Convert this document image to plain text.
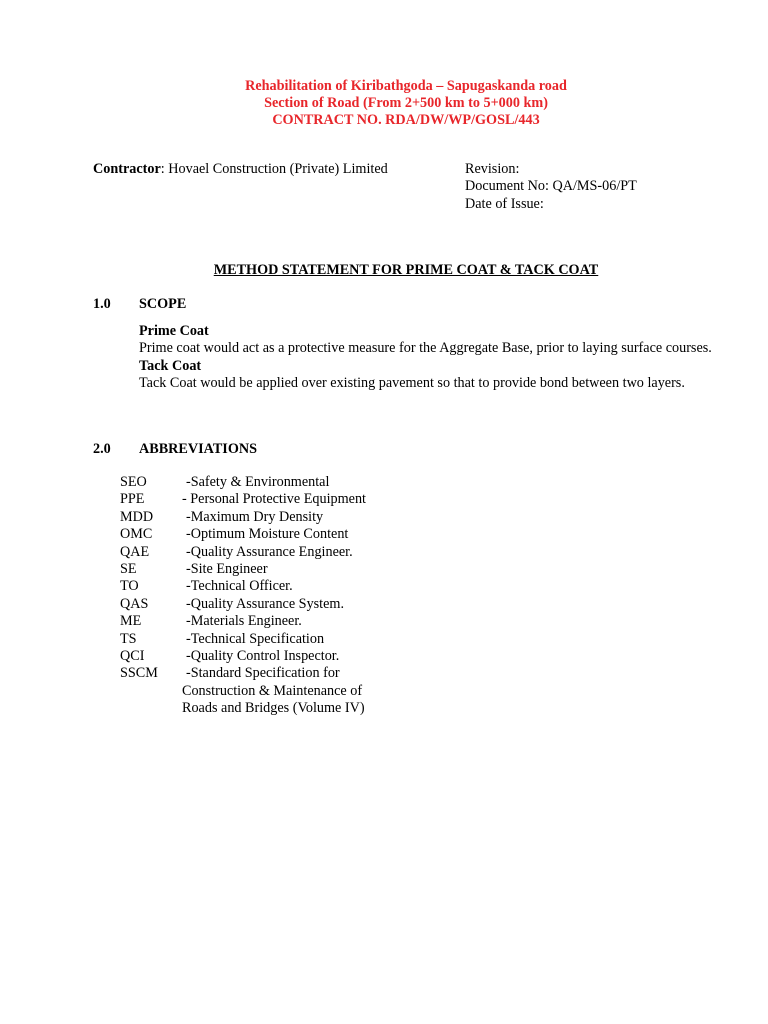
Rehabilitation of Kiribathgoda – Sapugaskanda road
Section of Road (From 2+500 km to 5+000 km)
CONTRACT NO. RDA/DW/WP/GOSL/443
Contractor: Hovael Construction (Private) Limited	Revision:
Document No: QA/MS-06/PT
Date of Issue:
METHOD STATEMENT FOR PRIME COAT & TACK COAT
1.0 SCOPE
Prime Coat
Prime coat would act as a protective measure for the Aggregate Base, prior to laying surface courses.
Tack Coat
Tack Coat would be applied over existing pavement so that to provide bond between two layers.
2.0 ABBREVIATIONS
SEO	-Safety & Environmental
PPE	- Personal Protective Equipment
MDD -Maximum Dry Density
OMC -Optimum Moisture Content
QAE	-Quality Assurance Engineer.
SE	-Site Engineer
TO	-Technical Officer.
QAS	-Quality Assurance System.
ME	-Materials Engineer.
TS	-Technical Specification
QCI	-Quality Control Inspector.
SSCM -Standard Specification for
Construction & Maintenance of
Roads and Bridges (Volume IV)
